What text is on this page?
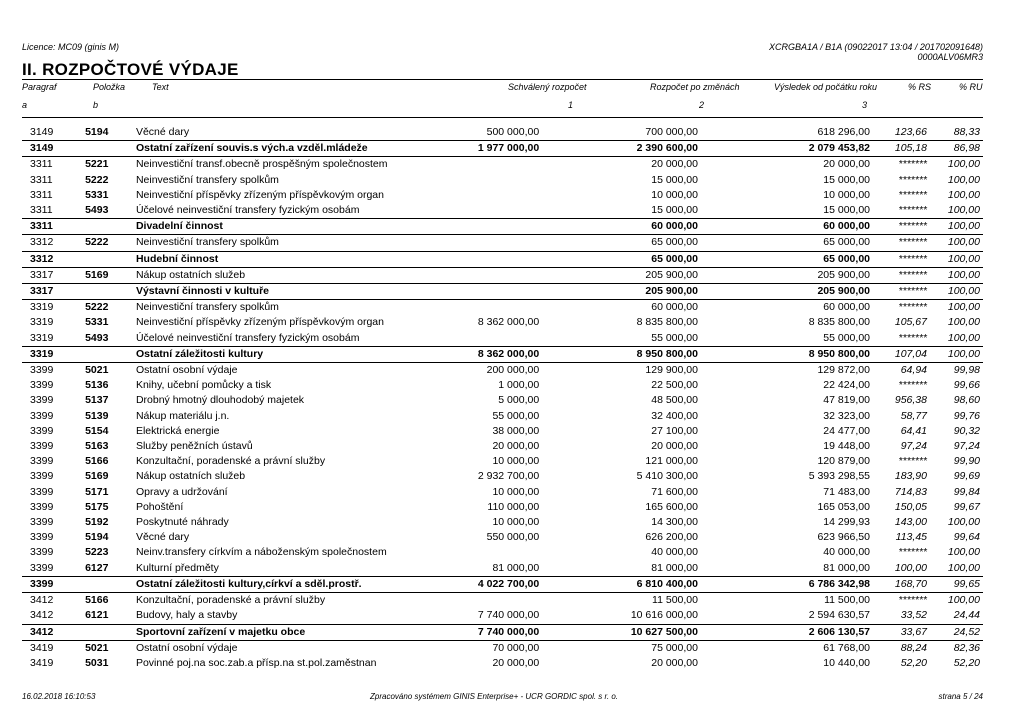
Licence: MC09 (ginis M)	XCRGBA1A / B1A (09022017 13:04 / 201702091648)
0000ALV06MR3
II. ROZPOČTOVÉ VÝDAJE
Paragraf	Položka	Text	Schválený rozpočet	Rozpočet po změnách	Výsledek od počátku roku	% RS	% RU
a	b	1	2	3
3149	5194	Věcné dary	500 000,00	700 000,00	618 296,00	123,66	88,33
3149		Ostatní zařízení souvis.s vých.a vzděl.mládeže	1 977 000,00	2 390 600,00	2 079 453,82	105,18	86,98
3311	5221	Neinvestiční transf.obecně prospěšným společnostem		20 000,00	20 000,00	*******	100,00
3311	5222	Neinvestiční transfery spolkům		15 000,00	15 000,00	*******	100,00
3311	5331	Neinvestiční příspěvky zřízeným příspěvkovým organ		10 000,00	10 000,00	*******	100,00
3311	5493	Účelové neinvestiční transfery fyzickým osobám		15 000,00	15 000,00	*******	100,00
3311		Divadelní činnost		60 000,00	60 000,00	*******	100,00
3312	5222	Neinvestiční transfery spolkům		65 000,00	65 000,00	*******	100,00
3312		Hudební činnost		65 000,00	65 000,00	*******	100,00
3317	5169	Nákup ostatních služeb		205 900,00	205 900,00	*******	100,00
3317		Výstavní činnosti v kultuře		205 900,00	205 900,00	*******	100,00
3319	5222	Neinvestiční transfery spolkům		60 000,00	60 000,00	*******	100,00
3319	5331	Neinvestiční příspěvky zřízeným příspěvkovým organ	8 362 000,00	8 835 800,00	8 835 800,00	105,67	100,00
3319	5493	Účelové neinvestiční transfery fyzickým osobám		55 000,00	55 000,00	*******	100,00
3319		Ostatní záležitosti kultury	8 362 000,00	8 950 800,00	8 950 800,00	107,04	100,00
3399	5021	Ostatní osobní výdaje	200 000,00	129 900,00	129 872,00	64,94	99,98
3399	5136	Knihy, učební pomůcky a tisk	1 000,00	22 500,00	22 424,00	*******	99,66
3399	5137	Drobný hmotný dlouhodobý majetek	5 000,00	48 500,00	47 819,00	956,38	98,60
3399	5139	Nákup materiálu j.n.	55 000,00	32 400,00	32 323,00	58,77	99,76
3399	5154	Elektrická energie	38 000,00	27 100,00	24 477,00	64,41	90,32
3399	5163	Služby peněžních ústavů	20 000,00	20 000,00	19 448,00	97,24	97,24
3399	5166	Konzultační, poradenské a právní služby	10 000,00	121 000,00	120 879,00	*******	99,90
3399	5169	Nákup ostatních služeb	2 932 700,00	5 410 300,00	5 393 298,55	183,90	99,69
3399	5171	Opravy a udržování	10 000,00	71 600,00	71 483,00	714,83	99,84
3399	5175	Pohoštění	110 000,00	165 600,00	165 053,00	150,05	99,67
3399	5192	Poskytnuté náhrady	10 000,00	14 300,00	14 299,93	143,00	100,00
3399	5194	Věcné dary	550 000,00	626 200,00	623 966,50	113,45	99,64
3399	5223	Neinv.transfery církvím a náboženským společnostem		40 000,00	40 000,00	*******	100,00
3399	6127	Kulturní předměty	81 000,00	81 000,00	81 000,00	100,00	100,00
3399		Ostatní záležitosti kultury,církví a sděl.prostř.	4 022 700,00	6 810 400,00	6 786 342,98	168,70	99,65
3412	5166	Konzultační, poradenské a právní služby		11 500,00	11 500,00	*******	100,00
3412	6121	Budovy, haly a stavby	7 740 000,00	10 616 000,00	2 594 630,57	33,52	24,44
3412		Sportovní zařízení v majetku obce	7 740 000,00	10 627 500,00	2 606 130,57	33,67	24,52
3419	5021	Ostatní osobní výdaje	70 000,00	75 000,00	61 768,00	88,24	82,36
3419	5031	Povinné poj.na soc.zab.a přísp.na st.pol.zaměstnan	20 000,00	20 000,00	10 440,00	52,20	52,20
16.02.2018 16:10:53	Zpracováno systémem GINIS Enterprise+ - UCR GORDIC spol. s r. o.	strana 5 / 24
